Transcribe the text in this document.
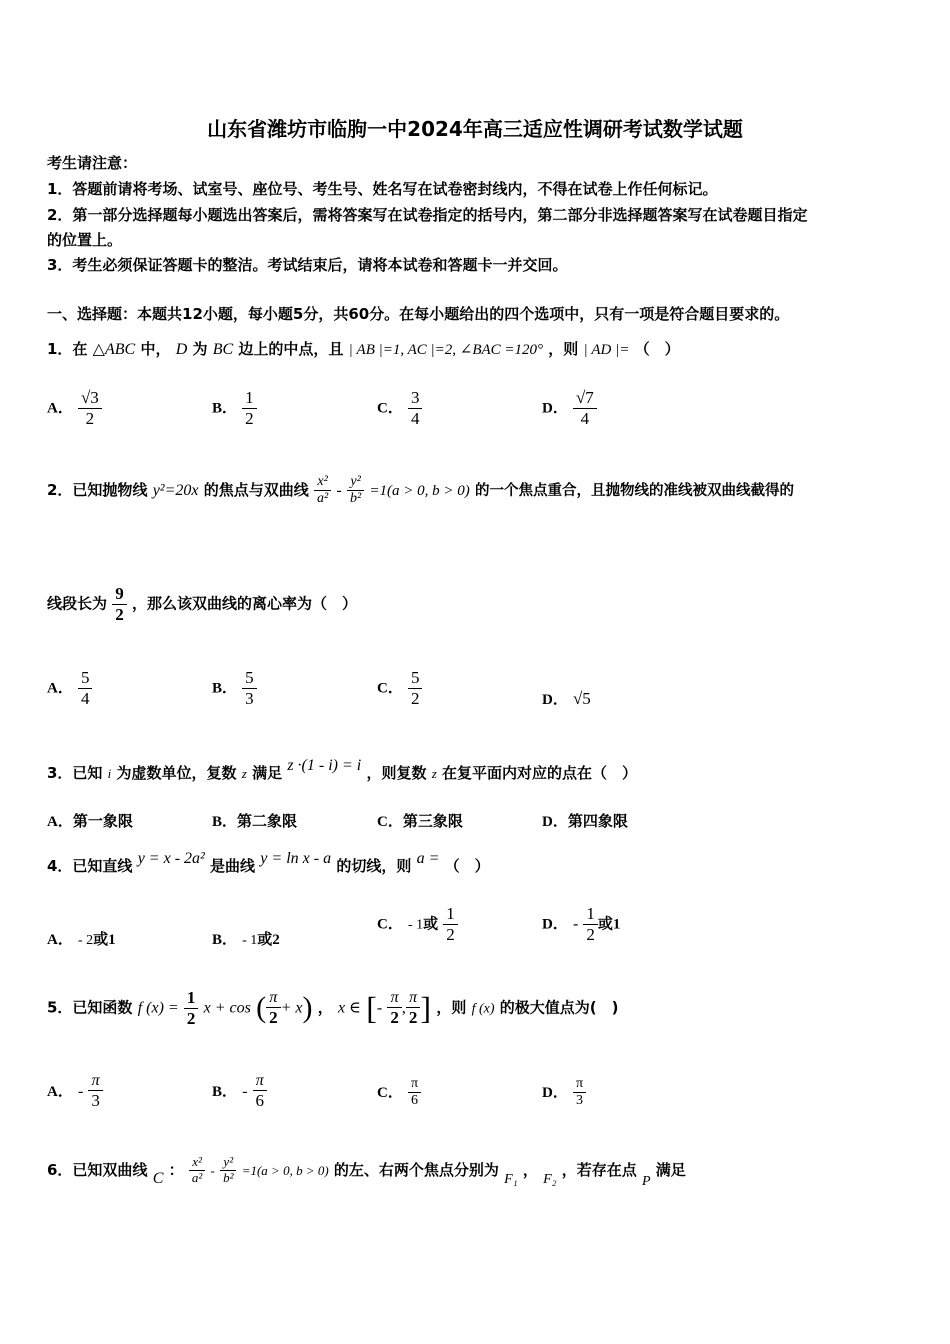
山东省潍坊市临朐一中2024年高三适应性调研考试数学试题
考生请注意：
1．答题前请将考场、试室号、座位号、考生号、姓名写在试卷密封线内，不得在试卷上作任何标记。
2．第一部分选择题每小题选出答案后，需将答案写在试卷指定的括号内，第二部分非选择题答案写在试卷题目指定
的位置上。
3．考生必须保证答题卡的整洁。考试结束后，请将本试卷和答题卡一并交回。
一、选择题：本题共12小题，每小题5分，共60分。在每小题给出的四个选项中，只有一项是符合题目要求的。
1．在 △ABC 中， D 为 BC 边上的中点，且 | AB |=1, AC |=2, ∠BAC =120° ，则 | AD |= （　）
A． $\frac{√3}{2}$	B． $\frac{1}{2}$	C． $\frac{3}{4}$	D． $\frac{√7}{4}$
2．已知抛物线 y²=20x 的焦点与双曲线 $\frac{\text{x²}}{\text{a²}} - \frac{\text{y²}}{\text{b²}} =1(a > 0$, b > 0) 的一个焦点重合，且抛物线的准线被双曲线截得的
线段长为 $\frac{9}{2}$ ，那么该双曲线的离心率为（　）
A． $\frac{5}{4}$	B． $\frac{5}{3}$	C． $\frac{5}{2}$	D． √5
3．已知 i 为虚数单位，复数 z 满足 z ·(1 - i) = i ，则复数 z 在复平面内对应的点在（　）
A．第一象限	B．第二象限	C．第三象限	D．第四象限
4．已知直线 y = x - 2a² 是曲线 y = ln x - a 的切线，则 a = （　）
A． - 2或1	B． - 1或2
C． - 1或 $\frac{1}{2}$	D． - $\frac{1}{2}$ 或1
5．已知函数 f $(x) = \frac{1}{2}$ x + cos ( $\frac{\pi}{2} + x$) ， x ∈ [- $\frac{\pi}{2}$ , $\frac{\pi}{2}$ ] ，则 f (x) 的极大值点为(　)
A． - $\frac{\pi}{3}$	B． - $\frac{\pi}{6}$	C． $\frac{\pi}{6}$	D． $\frac{\pi}{3}$
6．已知双曲线 C ： $\frac{\text{x²}}{\text{a²}} - \frac{\text{y²}}{\text{b²}} =1(a > 0$, b > 0) 的左、右两个焦点分别为 F₁ ， F₂ ，若存在点 P 满足
